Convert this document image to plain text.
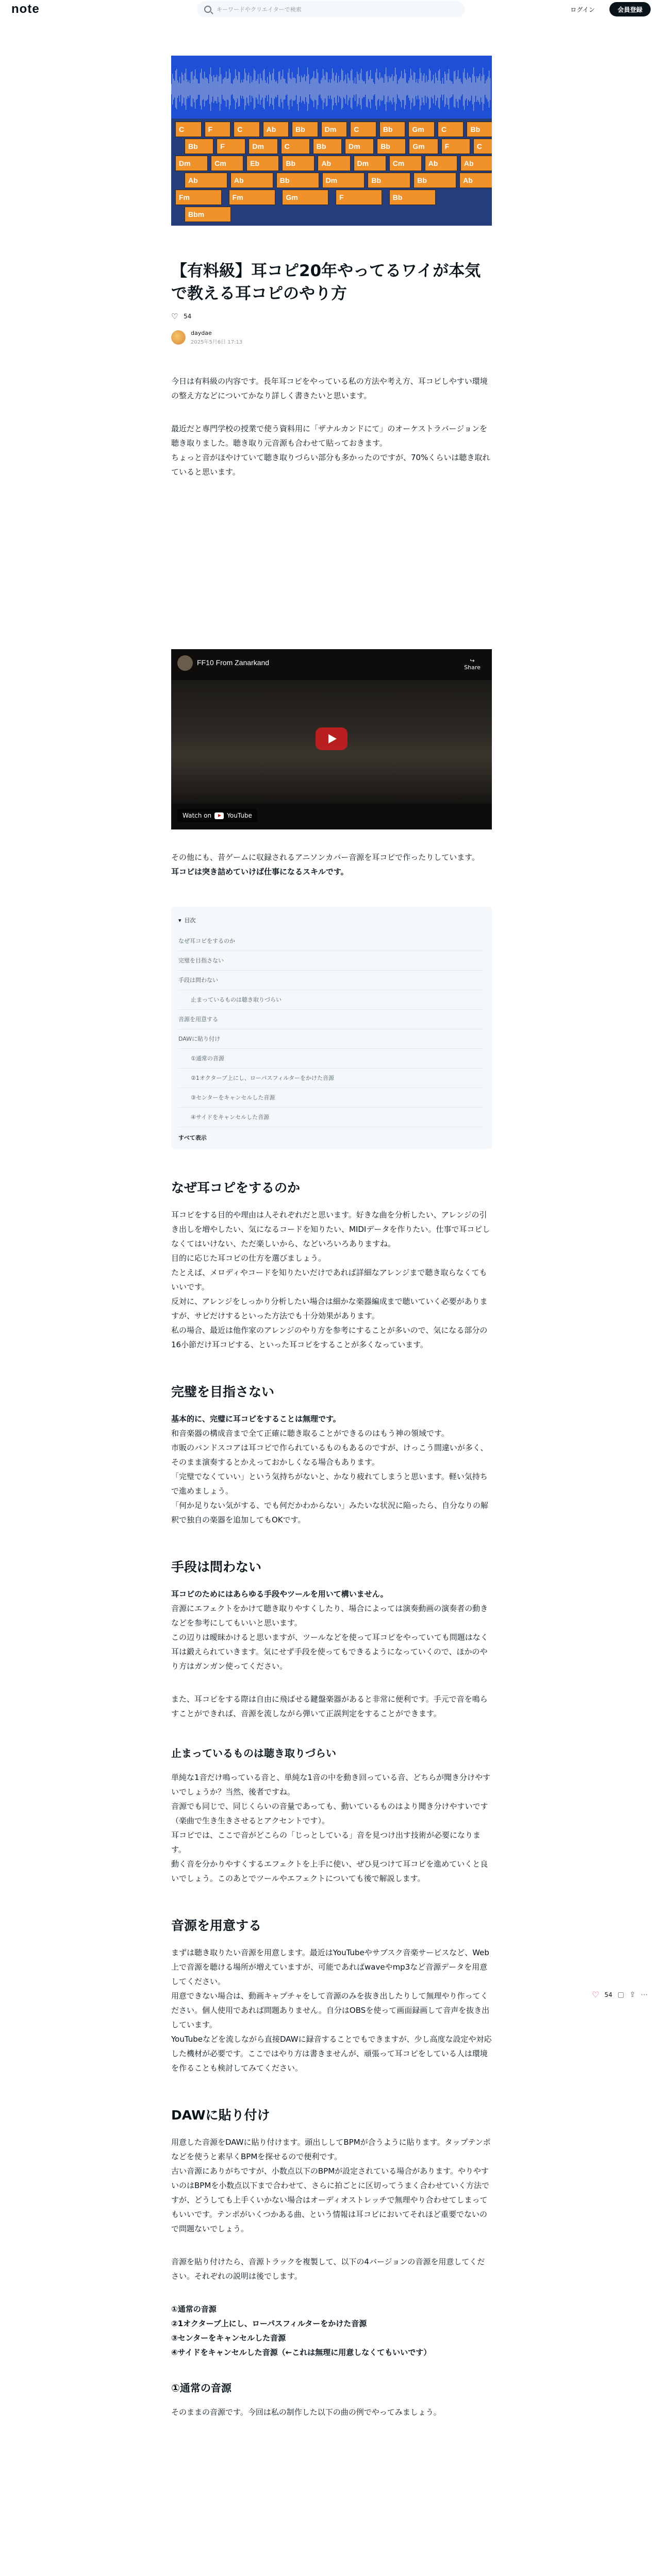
note
キーワードやクリエイターで検索	ログイン	会員登録
C	F	C	Ab	Bb	Dm	C	Bb	Gm	C	Bb
Bb	F	Dm	C	Bb	Dm	Bb	Gm	F	C
Dm	Cm	Eb	Bb	Ab	Dm	Cm	Ab	Ab
Ab	Ab	Bb	Dm	Bb	Bb	Ab
Fm	Fm	Gm	F	Bb
Bbm
【有料級】耳コピ20年やってるワイが本気で教える耳コピのやり方
♡ 54
daydae
2025年5月6日 17:13

今日は有料級の内容です。長年耳コピをやっている私の方法や考え方、耳コピしやすい環境の整え方などについてかなり詳しく書きたいと思います。

最近だと専門学校の授業で使う資料用に「ザナルカンドにて」のオーケストラバージョンを聴き取りました。聴き取り元音源も合わせて貼っておきます。

ちょっと音がほやけていて聴き取りづらい部分も多かったのですが、70%くらいは聴き取れていると思います。

FF10 From Zanarkand	↪
Share
Watch on	YouTube

その他にも、昔ゲームに収録されるアニソンカバー音源を耳コピで作ったりしています。

耳コピは突き詰めていけば仕事になるスキルです。

▾ 目次
なぜ耳コピをするのか
完璧を目指さない
手段は問わない
止まっているものは聴き取りづらい
音源を用意する
DAWに貼り付け
①通常の音源
②1オクターブ上にし、ローパスフィルターをかけた音源
③センターをキャンセルした音源
④サイドをキャンセルした音源
すべて表示
なぜ耳コピをするのか

耳コピをする目的や理由は人それぞれだと思います。好きな曲を分析したい、アレンジの引き出しを増やしたい、気になるコードを知りたい、MIDIデータを作りたい。仕事で耳コピしなくてはいけない、ただ楽しいから、などいろいろありますね。

目的に応じた耳コピの仕方を選びましょう。

たとえば、メロディやコードを知りたいだけであれば詳細なアレンジまで聴き取らなくてもいいです。

反対に、アレンジをしっかり分析したい場合は細かな楽器編成まで聴いていく必要がありますが、サビだけするといった方法でも十分効果があります。

私の場合、最近は他作家のアレンジのやり方を参考にすることが多いので、気になる部分の16小節だけ耳コピする、といった耳コピをすることが多くなっています。

完璧を目指さない

基本的に、完璧に耳コピをすることは無理です。

和音楽器の構成音まで全て正確に聴き取ることができるのはもう神の領域です。

市販のバンドスコアは耳コピで作られているものもあるのですが、けっこう間違いが多く、そのまま演奏するとかえっておかしくなる場合もあります。

「完璧でなくていい」という気持ちがないと、かなり疲れてしまうと思います。軽い気持ちで進めましょう。

「何か足りない気がする、でも何だかわからない」みたいな状況に陥ったら、自分なりの解釈で独自の楽器を追加してもOKです。

手段は問わない

耳コピのためにはあらゆる手段やツールを用いて構いません。

音源にエフェクトをかけて聴き取りやすくしたり、場合によっては演奏動画の演奏者の動きなどを参考にしてもいいと思います。

この辺りは曖昧かけると思いますが、ツールなどを使って耳コピをやっていても問題はなく耳は鍛えられていきます。気にせず手段を使ってもできるようになっていくので、ほかのやり方はガンガン使ってください。

また、耳コピをする際は自由に飛ばせる鍵盤楽器があると非常に便利です。手元で音を鳴らすことができれば、音源を流しながら弾いて正誤判定をすることができます。

止まっているものは聴き取りづらい

単純な1音だけ鳴っている音と、単純な1音の中を動き回っている音、どちらが聞き分けやすいでしょうか？当然、後者ですね。

音源でも同じで、同じくらいの音量であっても、動いているものはより聞き分けやすいです（楽曲で生き生きさせるとアクセントです）。

耳コピでは、ここで音がどこらの「じっとしている」音を見つけ出す技術が必要になります。

動く音を分かりやすくするエフェクトを上手に使い、ぜひ見つけて耳コピを進めていくと良いでしょう。このあとでツールやエフェクトについても後で解説します。

音源を用意する

まずは聴き取りたい音源を用意します。最近はYouTubeやサブスク音楽サービスなど、Web上で音源を聴ける場所が増えていますが、可能であればwaveやmp3など音源データを用意してください。

用意できない場合は、動画キャプチャをして音源のみを抜き出したりして無理やり作ってください。個人使用であれば問題ありません。自分はOBSを使って画面録画して音声を抜き出しています。

YouTubeなどを流しながら直接DAWに録音することでもできますが、少し高度な設定や対応した機材が必要です。ここではやり方は書きませんが、頑張って耳コピをしている人は環境を作ることも検討してみてください。

DAWに貼り付け

用意した音源をDAWに貼り付けます。頭出ししてBPMが合うように貼ります。タップテンポなどを使うと素早くBPMを探せるので便利です。

古い音源にありがちですが、小数点以下のBPMが設定されている場合があります。やりやすいのはBPMを小数点以下まで合わせて、さらに拍ごとに区切ってうまく合わせていく方法ですが、どうしても上手くいかない場合はオーディオストレッチで無理やり合わせてしまってもいいです。テンポがいくつかある曲、という情報は耳コピにおいてそれほど重要でないので問題ないでしょう。

音源を貼り付けたら、音源トラックを複製して、以下の4バージョンの音源を用意してください。それぞれの説明は後でします。

①通常の音源

②1オクターブ上にし、ローパスフィルターをかけた音源

③センターをキャンセルした音源

④サイドをキャンセルした音源（←これは無理に用意しなくてもいいです）

①通常の音源

そのままの音源です。今回は私の制作した以下の曲の例でやってみましょう。

♡ 54 ▢ ⇪ ⋯
